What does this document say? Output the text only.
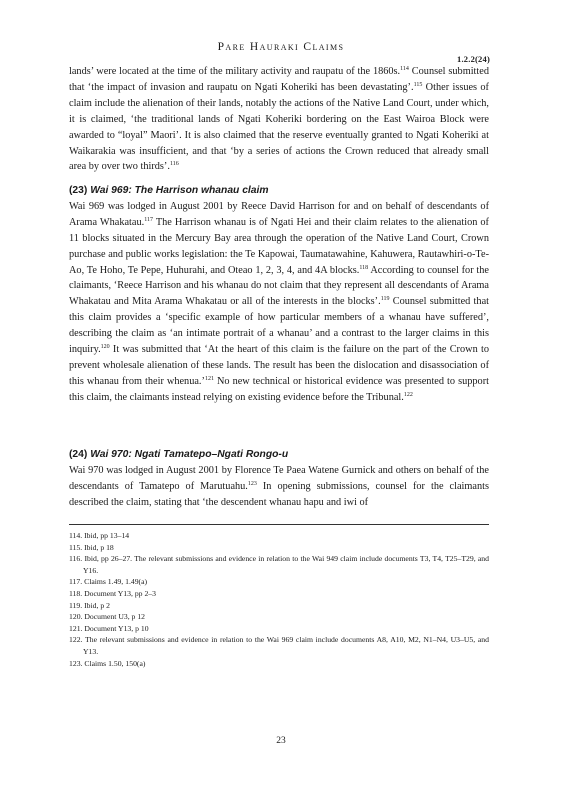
Pare Hauraki Claims
1.2.2(24)

lands’ were located at the time of the military activity and raupatu of the 1860s.$^{114}$ Counsel submitted that ‘the impact of invasion and raupatu on Ngati Koheriki has been devastating’.$^{115}$ Other issues of claim include the alienation of their lands, notably the actions of the Native Land Court, under which, it is claimed, ‘the traditional lands of Ngati Koheriki bordering on the East Wairoa Block were awarded to “loyal” Maori’. It is also claimed that the reserve eventually granted to Ngati Koheriki at Waikarakia was insufficient, and that ‘by a series of actions the Crown reduced that already small area by over two thirds’.$^{116}$

(23) Wai 969: The Harrison whanau claim

Wai 969 was lodged in August 2001 by Reece David Harrison for and on behalf of descendants of Arama Whakatau.$^{117}$ The Harrison whanau is of Ngati Hei and their claim relates to the alienation of 11 blocks situated in the Mercury Bay area through the operation of the Native Land Court, Crown purchase and public works legislation: the Te Kapowai, Taumatawahine, Kahuwera, Rautawhiri-o-Te-Ao, Te Hoho, Te Pepe, Huhurahi, and Oteao 1, 2, 3, 4, and 4A blocks.$^{118}$ According to counsel for the claimants, ‘Reece Harrison and his whanau do not claim that they represent all descendants of Arama Whakatau and Mita Arama Whakatau or all of the interests in the blocks’.$^{119}$ Counsel submitted that this claim provides a ‘specific example of how particular members of a whanau have suffered’, describing the claim as ‘an intimate portrait of a whanau’ and a contrast to the larger claims in this inquiry.$^{120}$ It was submitted that ‘At the heart of this claim is the failure on the part of the Crown to prevent wholesale alienation of these lands. The result has been the dislocation and disassociation of this whanau from their whenua.’$^{121}$ No new technical or historical evidence was presented to support this claim, the claimants instead relying on existing evidence before the Tribunal.$^{122}$

(24) Wai 970: Ngati Tamatepo–Ngati Rongo-u

Wai 970 was lodged in August 2001 by Florence Te Paea Watene Gurnick and others on behalf of the descendants of Tamatepo of Marutuahu.$^{123}$ In opening submissions, counsel for the claimants described the claim, stating that ‘the descendent whanau hapu and iwi of

114. Ibid, pp 13–14
115. Ibid, p 18
116. Ibid, pp 26–27. The relevant submissions and evidence in relation to the Wai 949 claim include documents T3, T4, T25–T29, and Y16.
117. Claims 1.49, 1.49(a)
118. Document Y13, pp 2–3
119. Ibid, p 2
120. Document U3, p 12
121. Document Y13, p 10
122. The relevant submissions and evidence in relation to the Wai 969 claim include documents A8, A10, M2, N1–N4, U3–U5, and Y13.
123. Claims 1.50, 150(a)
23
